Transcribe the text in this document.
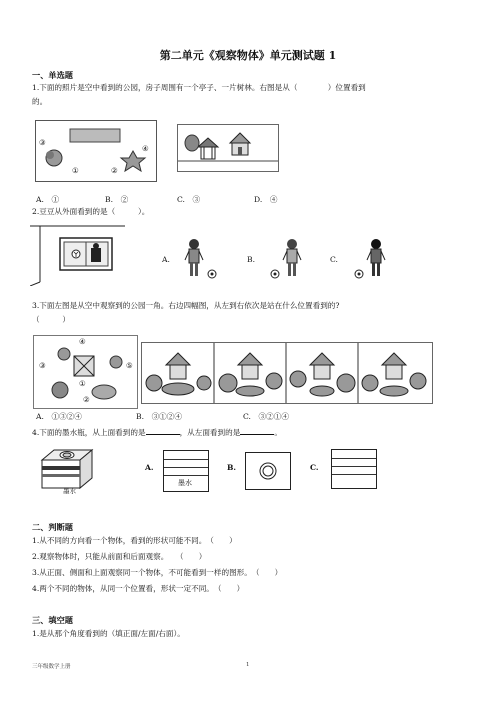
第二单元《观察物体》单元测试题 1
一、单选题
1.下面的照片是空中看到的公园，房子周围有一个亭子、一片树林。右图是从（　　　　）位置看到
的。
③
④
①	②
A.　①	B.　②	C.　③	D.　④
2.豆豆从外面看到的是（　　　）。
A.	B.	C.
3.下面左图是从空中观察到的公园一角。右边四幅图，从左到右依次是站在什么位置看到的?
（　　　）
④
③
①
②
⑤
A.　①③②④	B.　③①②④	C.　③②①④
4.下面的墨水瓶，从上面看到的是	，从左面看到的是	。
墨水
A.
墨水
B.	C.
二、判断题
1.从不同的方向看一个物体，看到的形状可能不同。　（　　）
2.观察物体时，只能从前面和后面观察。　　（　　）
3.从正面、侧面和上面观察同一个物体，不可能看到一样的图形。　（　　）
4.两个不同的物体，从同一个位置看，形状一定不同。　（　　）
三、填空题
1.是从那个角度看到的（填正面/左面/右面）。
三年级数学上册	1
